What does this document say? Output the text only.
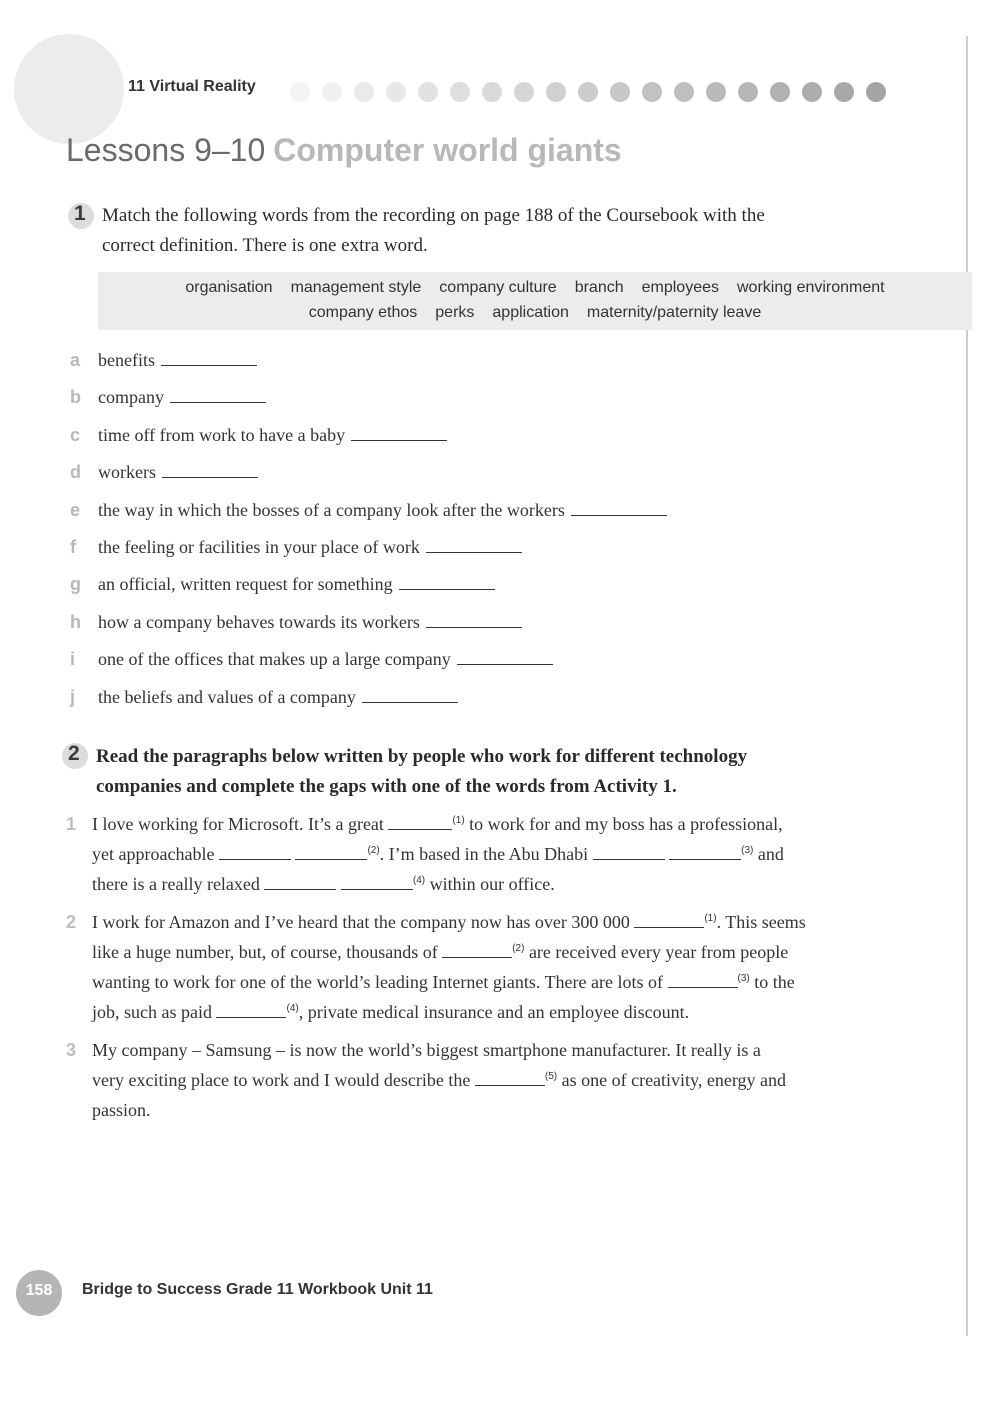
11 Virtual Reality
Lessons 9–10 Computer world giants
1 Match the following words from the recording on page 188 of the Coursebook with the
correct definition. There is one extra word.
organisation management style company culture branch employees working environment
company ethos perks application maternity/paternity leave
a benefits
b company
c time off from work to have a baby
d workers
e the way in which the bosses of a company look after the workers
f the feeling or facilities in your place of work
g an official, written request for something
h how a company behaves towards its workers
i one of the offices that makes up a large company
j the beliefs and values of a company
2 Read the paragraphs below written by people who work for different technology
companies and complete the gaps with one of the words from Activity 1.
1 I love working for Microsoft. It’s a great	$^{(1)}$ to work for and my boss has a professional,
yet approachable	$^{(2)}$. I’m based in the Abu Dhabi	$^{(3)}$ and
there is a really relaxed	$^{(4)}$ within our office.
2 I work for Amazon and I’ve heard that the company now has over 300 000	$^{(1)}$. This seems
like a huge number, but, of course, thousands of	$^{(2)}$ are received every year from people
wanting to work for one of the world’s leading Internet giants. There are lots of	$^{(3)}$ to the
job, such as paid	$^{(4)}$, private medical insurance and an employee discount.
3 My company – Samsung – is now the world’s biggest smartphone manufacturer. It really is a
very exciting place to work and I would describe the	$^{(5)}$ as one of creativity, energy and
passion.
158	Bridge to Success Grade 11 Workbook Unit 11
